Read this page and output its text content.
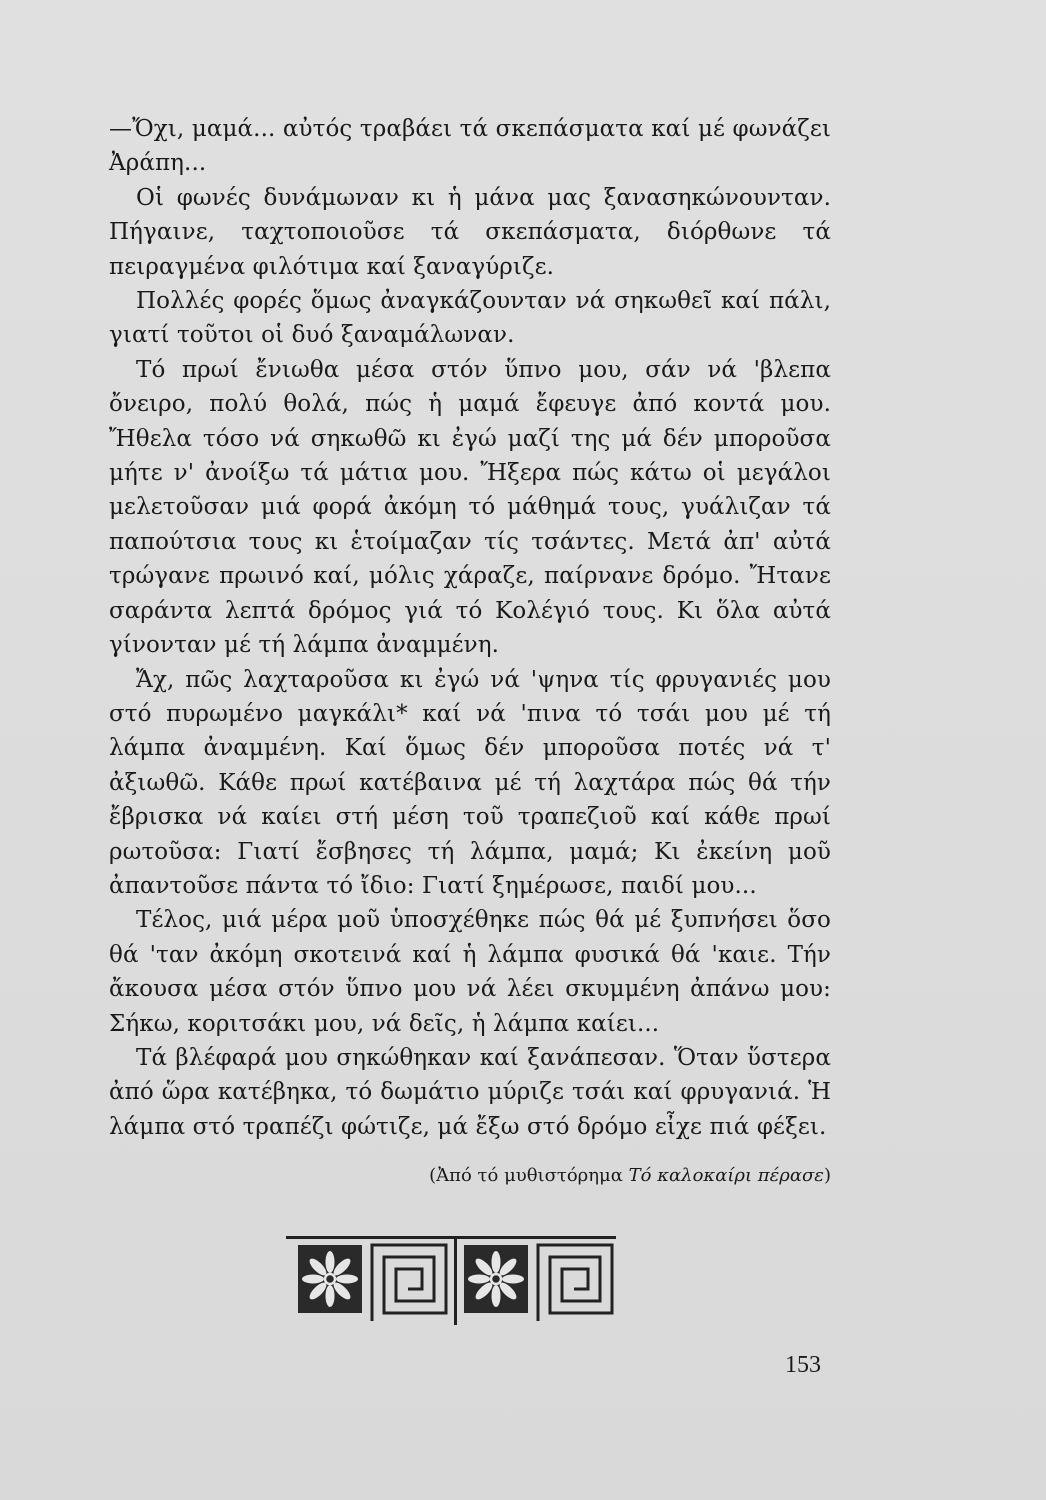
—Ὄχι, μαμά... αὐτός τραβάει τά σκεπάσματα καί μέ φωνάζει Ἀράπη...

Οἱ φωνές δυνάμωναν κι ἡ μάνα μας ξανασηκώνουνταν. Πήγαινε, ταχτοποιοῦσε τά σκεπάσματα, διόρθωνε τά πειραγμένα φιλότιμα καί ξαναγύριζε.

Πολλές φορές ὅμως ἀναγκάζουνταν νά σηκωθεῖ καί πάλι, γιατί τοῦτοι οἱ δυό ξαναμάλωναν.

Τό πρωί ἔνιωθα μέσα στόν ὕπνο μου, σάν νά 'βλεπα ὄνειρο, πολύ θολά, πώς ἡ μαμά ἔφευγε ἀπό κοντά μου. Ἤθελα τόσο νά σηκωθῶ κι ἐγώ μαζί της μά δέν μποροῦσα μήτε ν' ἀνοίξω τά μάτια μου. Ἤξερα πώς κάτω οἱ μεγάλοι μελετοῦσαν μιά φορά ἀκόμη τό μάθημά τους, γυάλιζαν τά παπούτσια τους κι ἑτοίμαζαν τίς τσάντες. Μετά ἀπ' αὐτά τρώγανε πρωινό καί, μόλις χάραζε, παίρνανε δρόμο. Ἤτανε σαράντα λεπτά δρόμος γιά τό Κολέγιό τους. Κι ὅλα αὐτά γίνονταν μέ τή λάμπα ἀναμμένη.

Ἄχ, πῶς λαχταροῦσα κι ἐγώ νά 'ψηνα τίς φρυγανιές μου στό πυρωμένο μαγκάλι* καί νά 'πινα τό τσάι μου μέ τή λάμπα ἀναμμένη. Καί ὅμως δέν μποροῦσα ποτές νά τ' ἀξιωθῶ. Κάθε πρωί κατέβαινα μέ τή λαχτάρα πώς θά τήν ἔβρισκα νά καίει στή μέση τοῦ τραπεζιοῦ καί κάθε πρωί ρωτοῦσα: Γιατί ἔσβησες τή λάμπα, μαμά; Κι ἐκείνη μοῦ ἀπαντοῦσε πάντα τό ἴδιο: Γιατί ξημέρωσε, παιδί μου...

Τέλος, μιά μέρα μοῦ ὑποσχέθηκε πώς θά μέ ξυπνήσει ὅσο θά 'ταν ἀκόμη σκοτεινά καί ἡ λάμπα φυσικά θά 'καιε. Τήν ἄκουσα μέσα στόν ὕπνο μου νά λέει σκυμμένη ἀπάνω μου: Σήκω, κοριτσάκι μου, νά δεῖς, ἡ λάμπα καίει...

Τά βλέφαρά μου σηκώθηκαν καί ξανάπεσαν. Ὅταν ὕστερα ἀπό ὥρα κατέβηκα, τό δωμάτιο μύριζε τσάι καί φρυγανιά. Ἡ λάμπα στό τραπέζι φώτιζε, μά ἔξω στό δρόμο εἶχε πιά φέξει.

(Ἀπό τό μυθιστόρημα Τό καλοκαίρι πέρασε)
153
